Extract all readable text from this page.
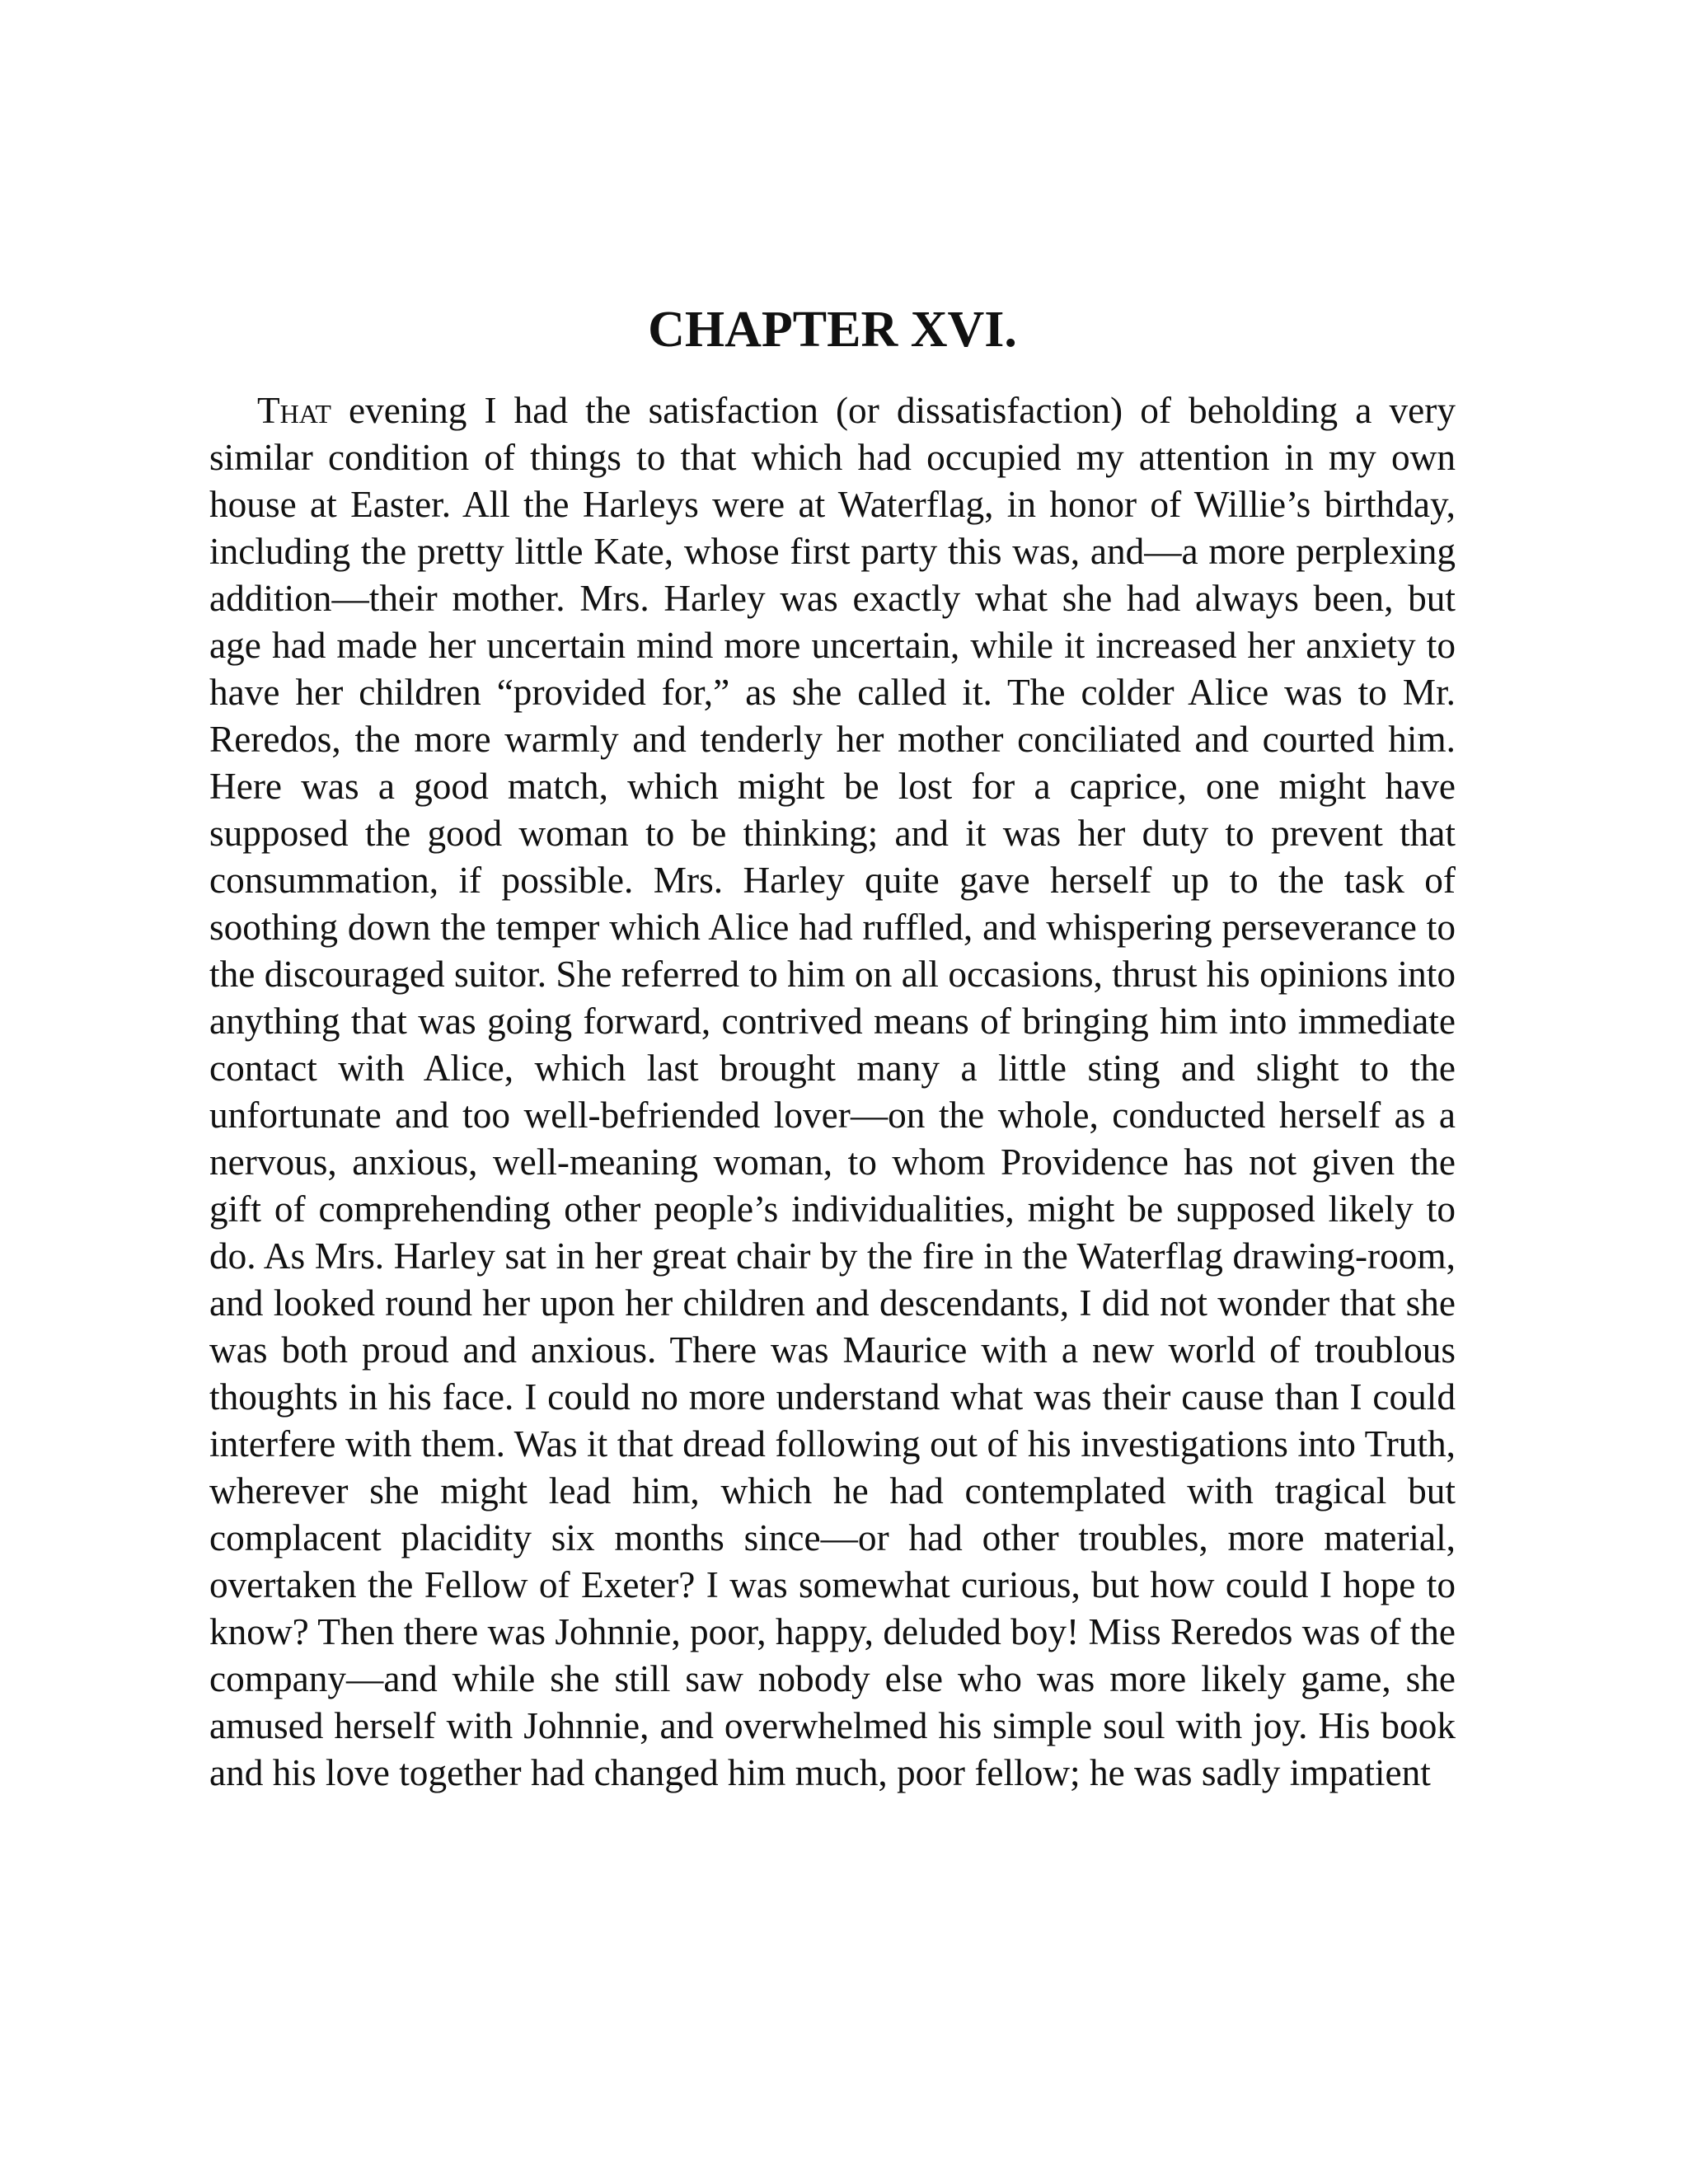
CHAPTER XVI.

That evening I had the satisfaction (or dissatisfaction) of beholding a very similar condition of things to that which had occupied my attention in my own house at Easter. All the Harleys were at Waterflag, in honor of Willie’s birthday, including the pretty little Kate, whose first party this was, and—a more perplexing addition—their mother. Mrs. Harley was exactly what she had always been, but age had made her uncertain mind more uncertain, while it increased her anxiety to have her children “provided for,” as she called it. The colder Alice was to Mr. Reredos, the more warmly and tenderly her mother conciliated and courted him. Here was a good match, which might be lost for a caprice, one might have supposed the good woman to be thinking; and it was her duty to prevent that consummation, if possible. Mrs. Harley quite gave herself up to the task of soothing down the temper which Alice had ruffled, and whispering perseverance to the discouraged suitor. She referred to him on all occasions, thrust his opinions into anything that was going forward, contrived means of bringing him into immediate contact with Alice, which last brought many a little sting and slight to the unfortunate and too well-befriended lover—on the whole, conducted herself as a nervous, anxious, well-meaning woman, to whom Providence has not given the gift of comprehending other people’s individualities, might be supposed likely to do. As Mrs. Harley sat in her great chair by the fire in the Waterflag drawing-room, and looked round her upon her children and descendants, I did not wonder that she was both proud and anxious. There was Maurice with a new world of troublous thoughts in his face. I could no more understand what was their cause than I could interfere with them. Was it that dread following out of his investigations into Truth, wherever she might lead him, which he had contemplated with tragical but complacent placidity six months since—or had other troubles, more material, overtaken the Fellow of Exeter? I was somewhat curious, but how could I hope to know? Then there was Johnnie, poor, happy, deluded boy! Miss Reredos was of the company—and while she still saw nobody else who was more likely game, she amused herself with Johnnie, and overwhelmed his simple soul with joy. His book and his love together had changed him much, poor fellow; he was sadly impatient
